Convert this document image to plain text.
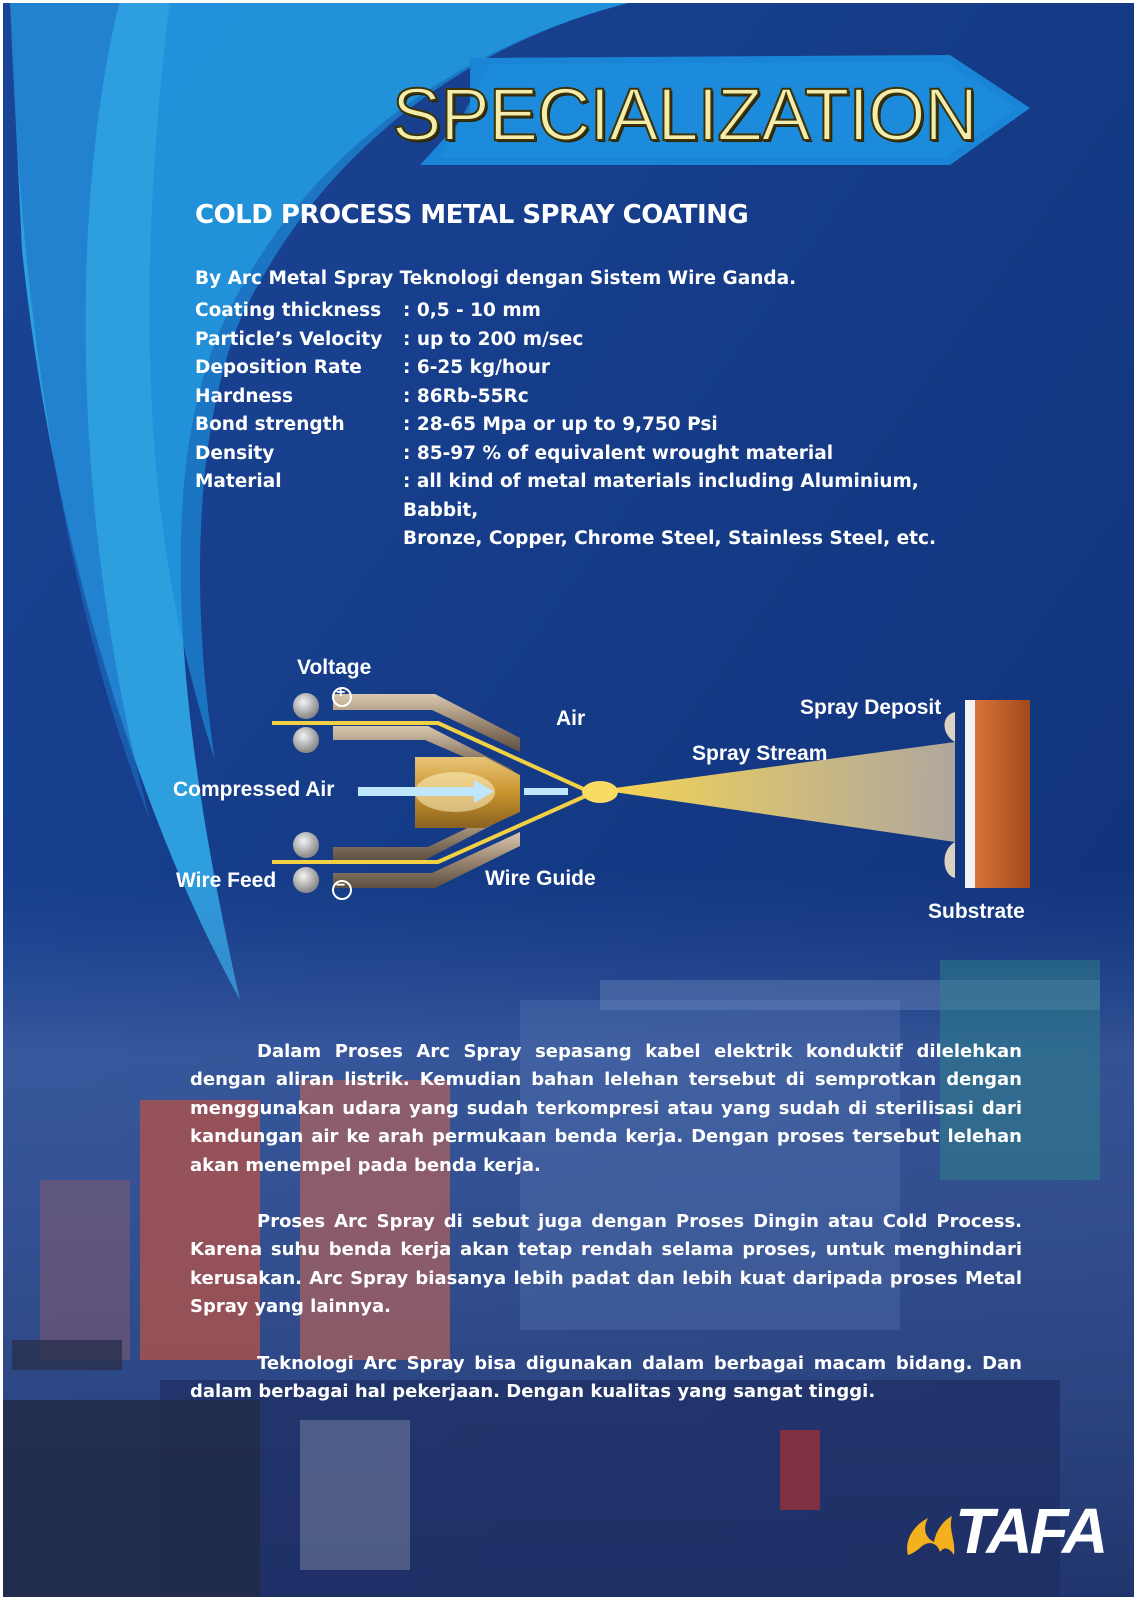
SPECIALIZATION
COLD PROCESS METAL SPRAY COATING
By Arc Metal Spray Teknologi dengan Sistem Wire Ganda.
Coating thickness	: 0,5 - 10 mm
Particle’s Velocity	: up to 200 m/sec
Deposition Rate	: 6-25 kg/hour
Hardness	: 86Rb-55Rc
Bond strength	: 28-65 Mpa or up to 9,750 Psi
Density	: 85-97 % of equivalent wrought material
Material	: all kind of metal materials including Aluminium, Babbit,
Bronze, Copper, Chrome Steel, Stainless Steel, etc.
Voltage
+
−
Air
Compressed Air
Wire Feed	Wire Guide
Spray Stream
Spray Deposit
Substrate

Dalam Proses Arc Spray sepasang kabel elektrik konduktif dilelehkan dengan aliran listrik. Kemudian bahan lelehan tersebut di semprotkan dengan menggunakan udara yang sudah terkompresi atau yang sudah di sterilisasi dari kandungan air ke arah permukaan benda kerja. Dengan proses tersebut lelehan akan menempel pada benda kerja.

Proses Arc Spray di sebut juga dengan Proses Dingin atau Cold Process. Karena suhu benda kerja akan tetap rendah selama proses, untuk menghindari kerusakan. Arc Spray biasanya lebih padat dan lebih kuat daripada proses Metal Spray yang lainnya.

Teknologi Arc Spray bisa digunakan dalam berbagai macam bidang. Dan dalam berbagai hal pekerjaan. Dengan kualitas yang sangat tinggi.

TAFA
